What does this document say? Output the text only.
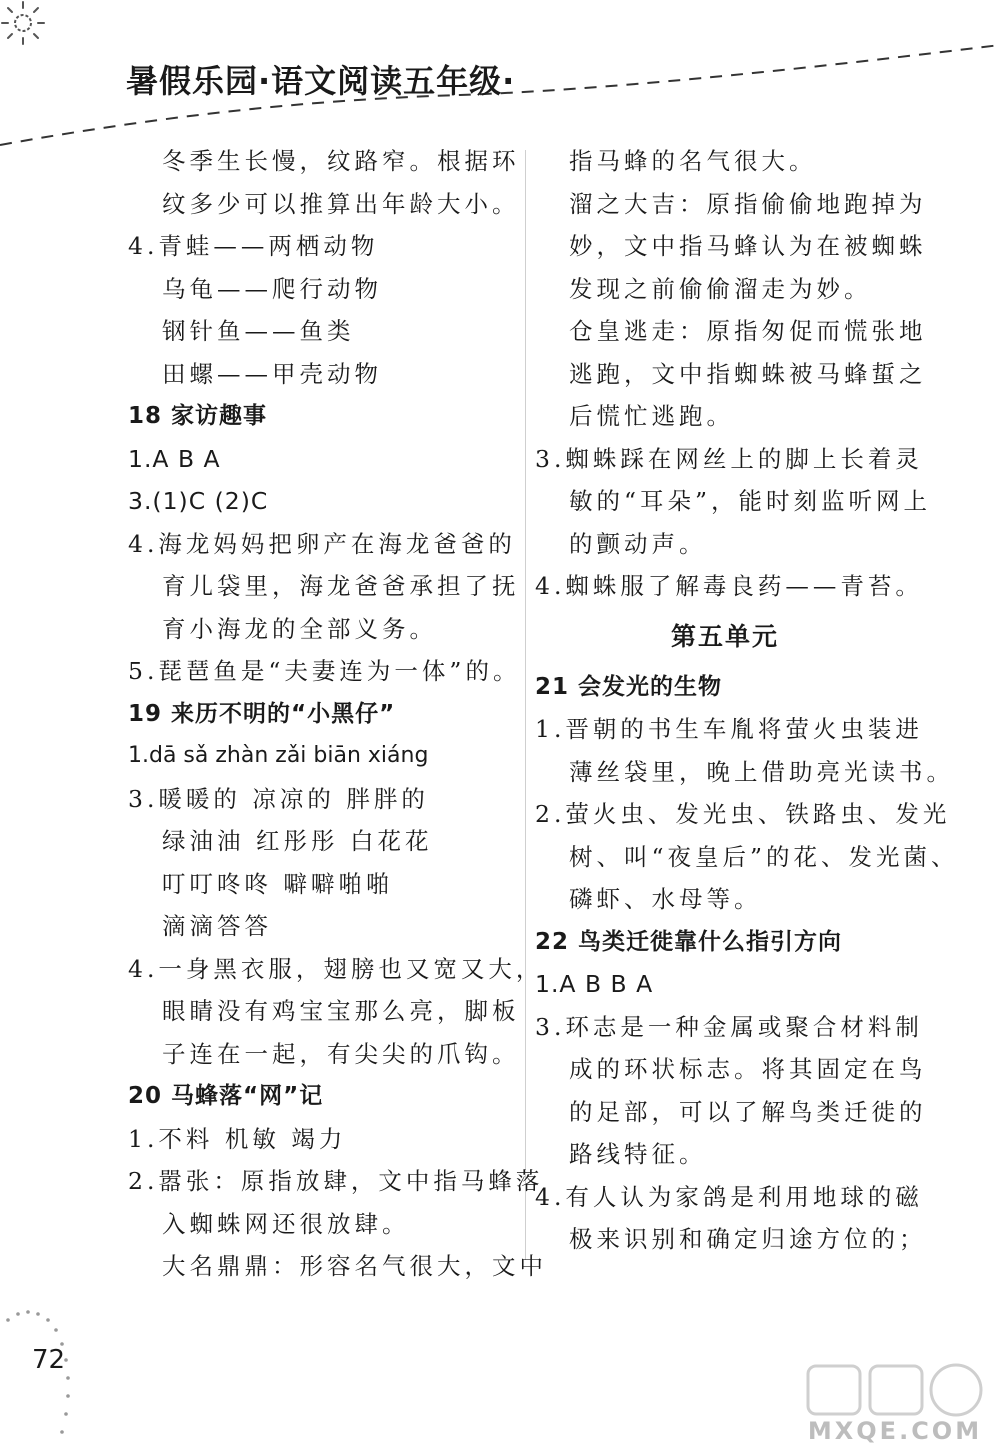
暑假乐园·语文阅读五年级·
冬季生长慢，纹路窄。根据环
纹多少可以推算出年龄大小。
4.青蛙——两栖动物
乌龟——爬行动物
钢针鱼——鱼类
田螺——甲壳动物
18 家访趣事
1.A B A
3.(1)C (2)C
4.海龙妈妈把卵产在海龙爸爸的
育儿袋里，海龙爸爸承担了抚
育小海龙的全部义务。
5.琵琶鱼是“夫妻连为一体”的。
19 来历不明的“小黑仔”
1.dā sǎ zhàn zǎi biān xiáng
3.暖暖的 凉凉的 胖胖的
绿油油 红彤彤 白花花
叮叮咚咚 噼噼啪啪
滴滴答答
4.一身黑衣服，翅膀也又宽又大，
眼睛没有鸡宝宝那么亮，脚板
子连在一起，有尖尖的爪钩。
20 马蜂落“网”记
1.不料 机敏 竭力
2.嚣张：原指放肆，文中指马蜂落
入蜘蛛网还很放肆。
大名鼎鼎：形容名气很大，文中
指马蜂的名气很大。
溜之大吉：原指偷偷地跑掉为
妙，文中指马蜂认为在被蜘蛛
发现之前偷偷溜走为妙。
仓皇逃走：原指匆促而慌张地
逃跑，文中指蜘蛛被马蜂蜇之
后慌忙逃跑。
3.蜘蛛踩在网丝上的脚上长着灵
敏的“耳朵”，能时刻监听网上
的颤动声。
4.蜘蛛服了解毒良药——青苔。
第五单元
21 会发光的生物
1.晋朝的书生车胤将萤火虫装进
薄丝袋里，晚上借助亮光读书。
2.萤火虫、发光虫、铁路虫、发光
树、叫“夜皇后”的花、发光菌、
磷虾、水母等。
22 鸟类迁徙靠什么指引方向
1.A B B A
3.环志是一种金属或聚合材料制
成的环状标志。将其固定在鸟
的足部，可以了解鸟类迁徙的
路线特征。
4.有人认为家鸽是利用地球的磁
极来识别和确定归途方位的；
72
MXQE.COM
